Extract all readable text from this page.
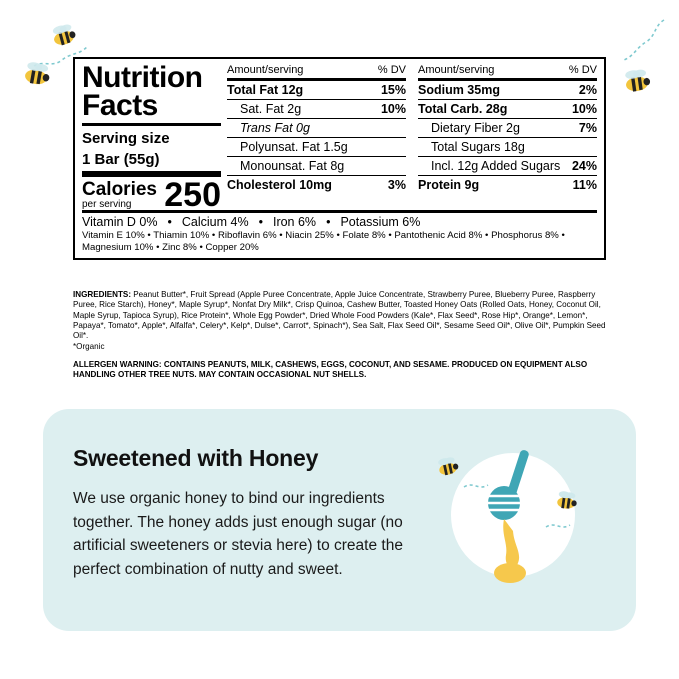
Nutrition Facts
Serving size
1 Bar (55g)
Calories
per serving 250
Amount/serving	% DV
Total Fat 12g	15%
Sat. Fat 2g	10%
Trans Fat 0g
Polyunsat. Fat 1.5g
Monounsat. Fat 8g
Cholesterol 10mg	3%
Amount/serving	% DV
Sodium 35mg	2%
Total Carb. 28g	10%
Dietary Fiber 2g	7%
Total Sugars 18g
Incl. 12g Added Sugars 24%
Protein 9g	11%
Vitamin D 0% • Calcium 4% • Iron 6% • Potassium 6%
Vitamin E 10% • Thiamin 10% • Riboflavin 6% • Niacin 25% • Folate 8% • Pantothenic Acid 8% • Phosphorus 8% • Magnesium 10% • Zinc 8% • Copper 20%
INGREDIENTS: Peanut Butter*, Fruit Spread (Apple Puree Concentrate, Apple Juice Concentrate, Strawberry Puree, Blueberry Puree, Raspberry Puree, Rice Starch), Honey*, Maple Syrup*, Nonfat Dry Milk*, Crisp Quinoa, Cashew Butter, Toasted Honey Oats (Rolled Oats, Honey, Coconut Oil, Maple Syrup, Tapioca Syrup), Rice Protein*, Whole Egg Powder*, Dried Whole Food Powders (Kale*, Flax Seed*, Rose Hip*, Orange*, Lemon*, Papaya*, Tomato*, Apple*, Alfalfa*, Celery*, Kelp*, Dulse*, Carrot*, Spinach*), Sea Salt, Flax Seed Oil*, Sesame Seed Oil*, Olive Oil*, Pumpkin Seed Oil*.
*Organic
ALLERGEN WARNING: CONTAINS PEANUTS, MILK, CASHEWS, EGGS, COCONUT, AND SESAME. PRODUCED ON EQUIPMENT ALSO HANDLING OTHER TREE NUTS. MAY CONTAIN OCCASIONAL NUT SHELLS.
Sweetened with Honey
We use organic honey to bind our ingredients together. The honey adds just enough sugar (no artificial sweeteners or stevia here) to create the perfect combination of nutty and sweet.
